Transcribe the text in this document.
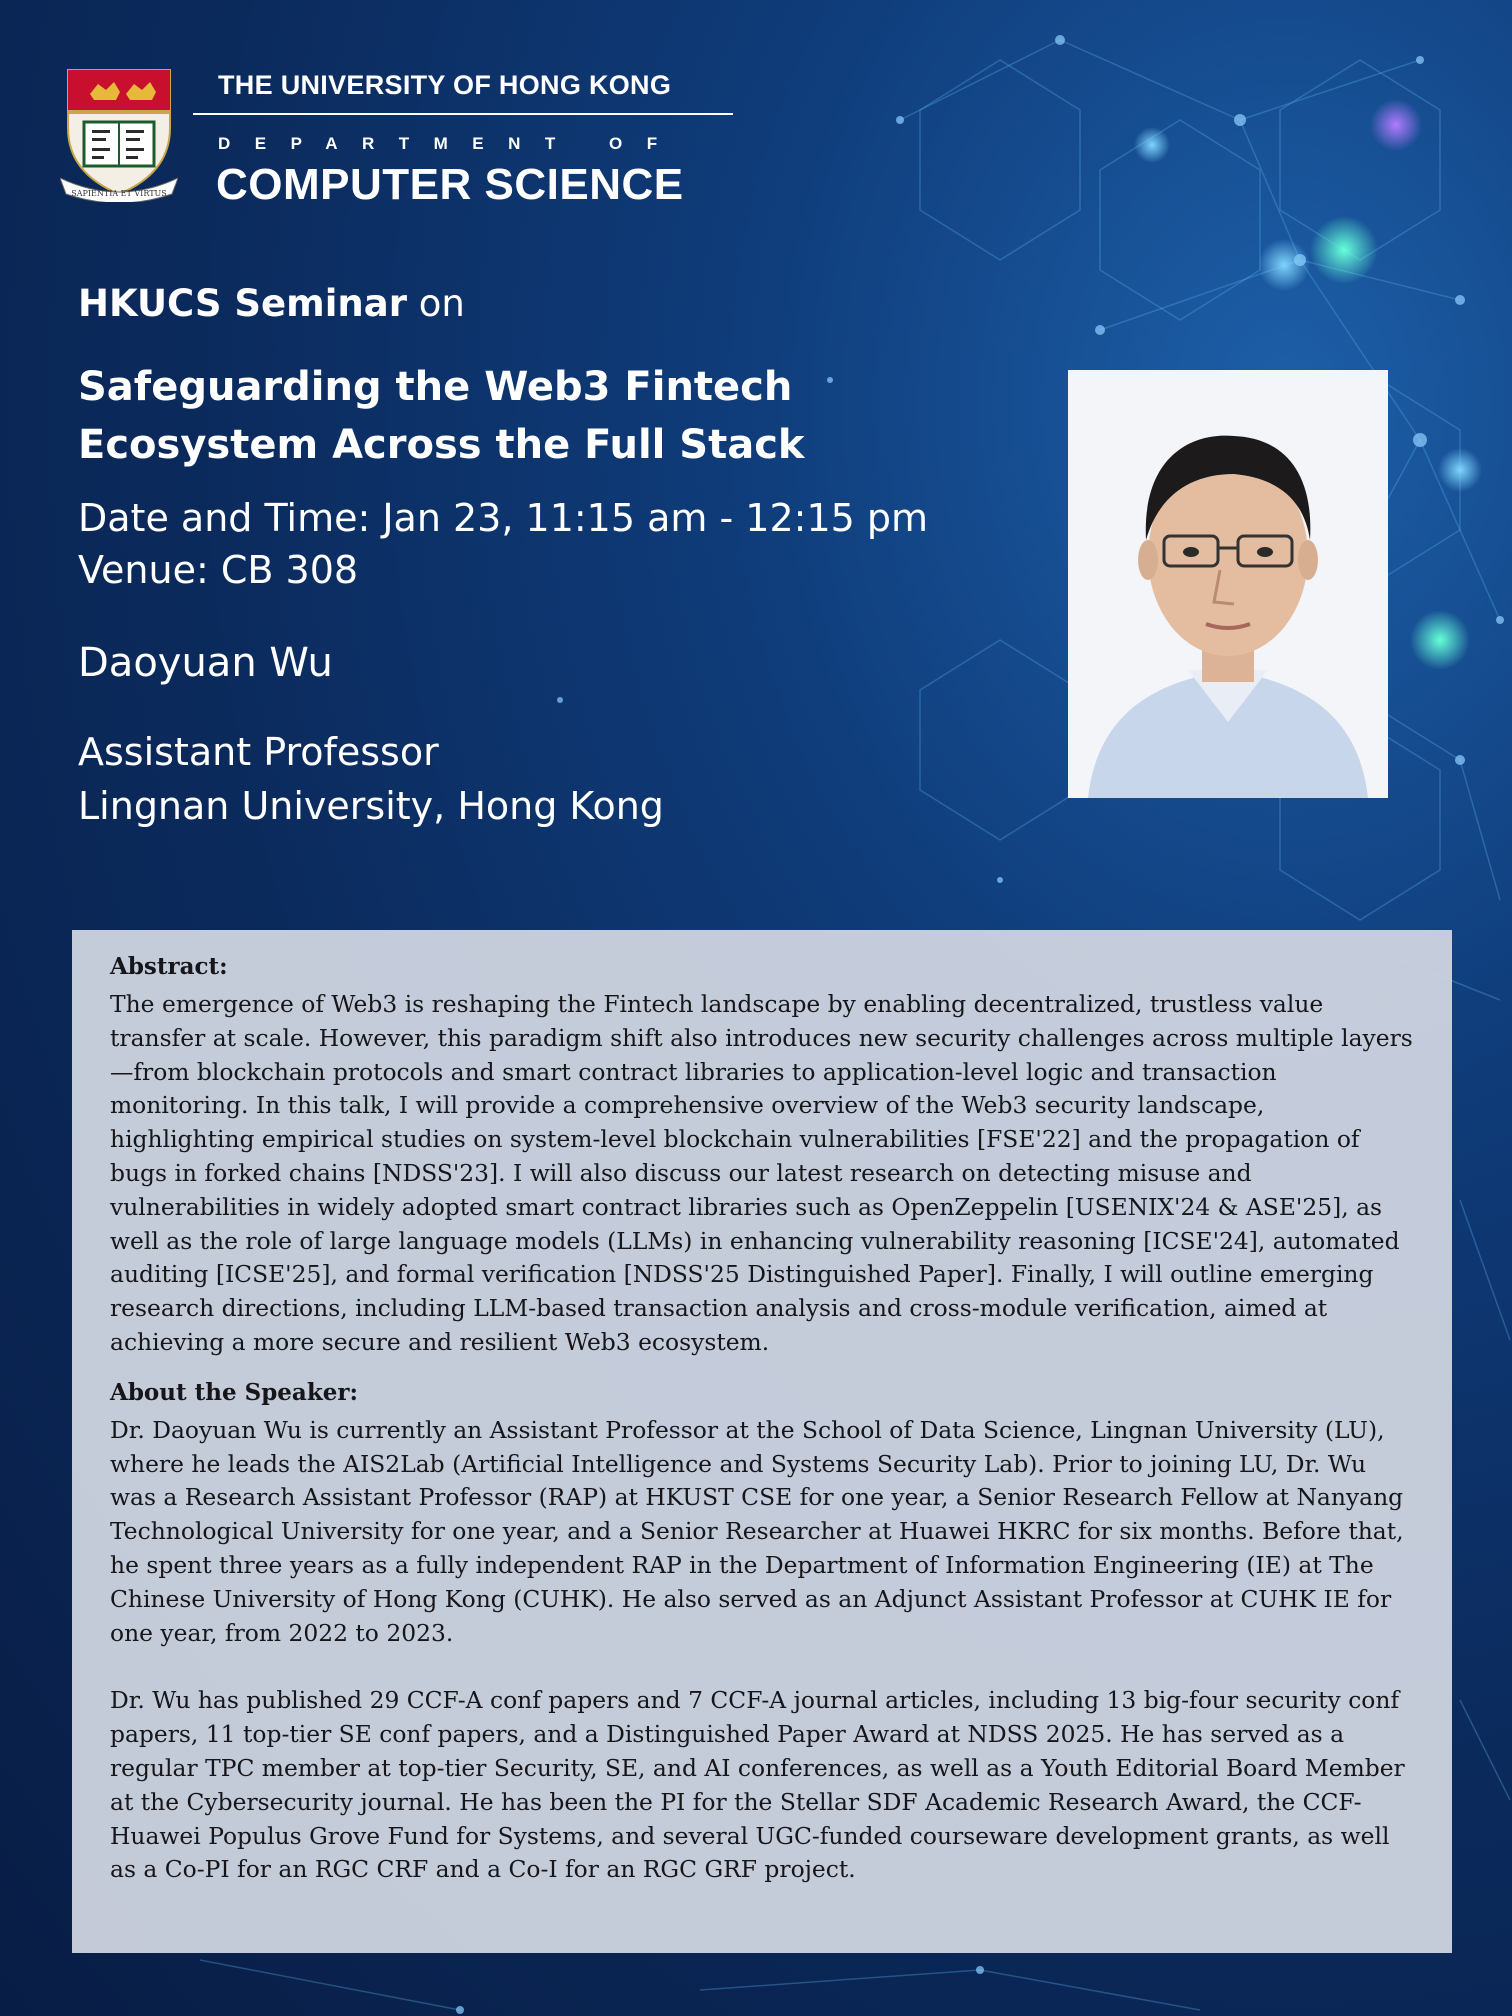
SAPIENTIA ET VIRTUS
THE UNIVERSITY OF HONG KONG
DEPARTMENT OF
COMPUTER SCIENCE
HKUCS Seminar on
Safeguarding the Web3 Fintech Ecosystem Across the Full Stack
Date and Time: Jan 23, 11:15 am - 12:15 pm
Venue: CB 308
Daoyuan Wu
Assistant Professor
Lingnan University, Hong Kong
Abstract:

The emergence of Web3 is reshaping the Fintech landscape by enabling decentralized, trustless value transfer at scale. However, this paradigm shift also introduces new security challenges across multiple layers—from blockchain protocols and smart contract libraries to application-level logic and transaction monitoring. In this talk, I will provide a comprehensive overview of the Web3 security landscape, highlighting empirical studies on system-level blockchain vulnerabilities [FSE'22] and the propagation of bugs in forked chains [NDSS'23]. I will also discuss our latest research on detecting misuse and vulnerabilities in widely adopted smart contract libraries such as OpenZeppelin [USENIX'24 & ASE'25], as well as the role of large language models (LLMs) in enhancing vulnerability reasoning [ICSE'24], automated auditing [ICSE'25], and formal verification [NDSS'25 Distinguished Paper]. Finally, I will outline emerging research directions, including LLM-based transaction analysis and cross-module verification, aimed at achieving a more secure and resilient Web3 ecosystem.

About the Speaker:

Dr. Daoyuan Wu is currently an Assistant Professor at the School of Data Science, Lingnan University (LU), where he leads the AIS2Lab (Artificial Intelligence and Systems Security Lab). Prior to joining LU, Dr. Wu was a Research Assistant Professor (RAP) at HKUST CSE for one year, a Senior Research Fellow at Nanyang Technological University for one year, and a Senior Researcher at Huawei HKRC for six months. Before that, he spent three years as a fully independent RAP in the Department of Information Engineering (IE) at The Chinese University of Hong Kong (CUHK). He also served as an Adjunct Assistant Professor at CUHK IE for one year, from 2022 to 2023.

Dr. Wu has published 29 CCF-A conf papers and 7 CCF-A journal articles, including 13 big-four security conf papers, 11 top-tier SE conf papers, and a Distinguished Paper Award at NDSS 2025. He has served as a regular TPC member at top-tier Security, SE, and AI conferences, as well as a Youth Editorial Board Member at the Cybersecurity journal. He has been the PI for the Stellar SDF Academic Research Award, the CCF-Huawei Populus Grove Fund for Systems, and several UGC-funded courseware development grants, as well as a Co-PI for an RGC CRF and a Co-I for an RGC GRF project.
